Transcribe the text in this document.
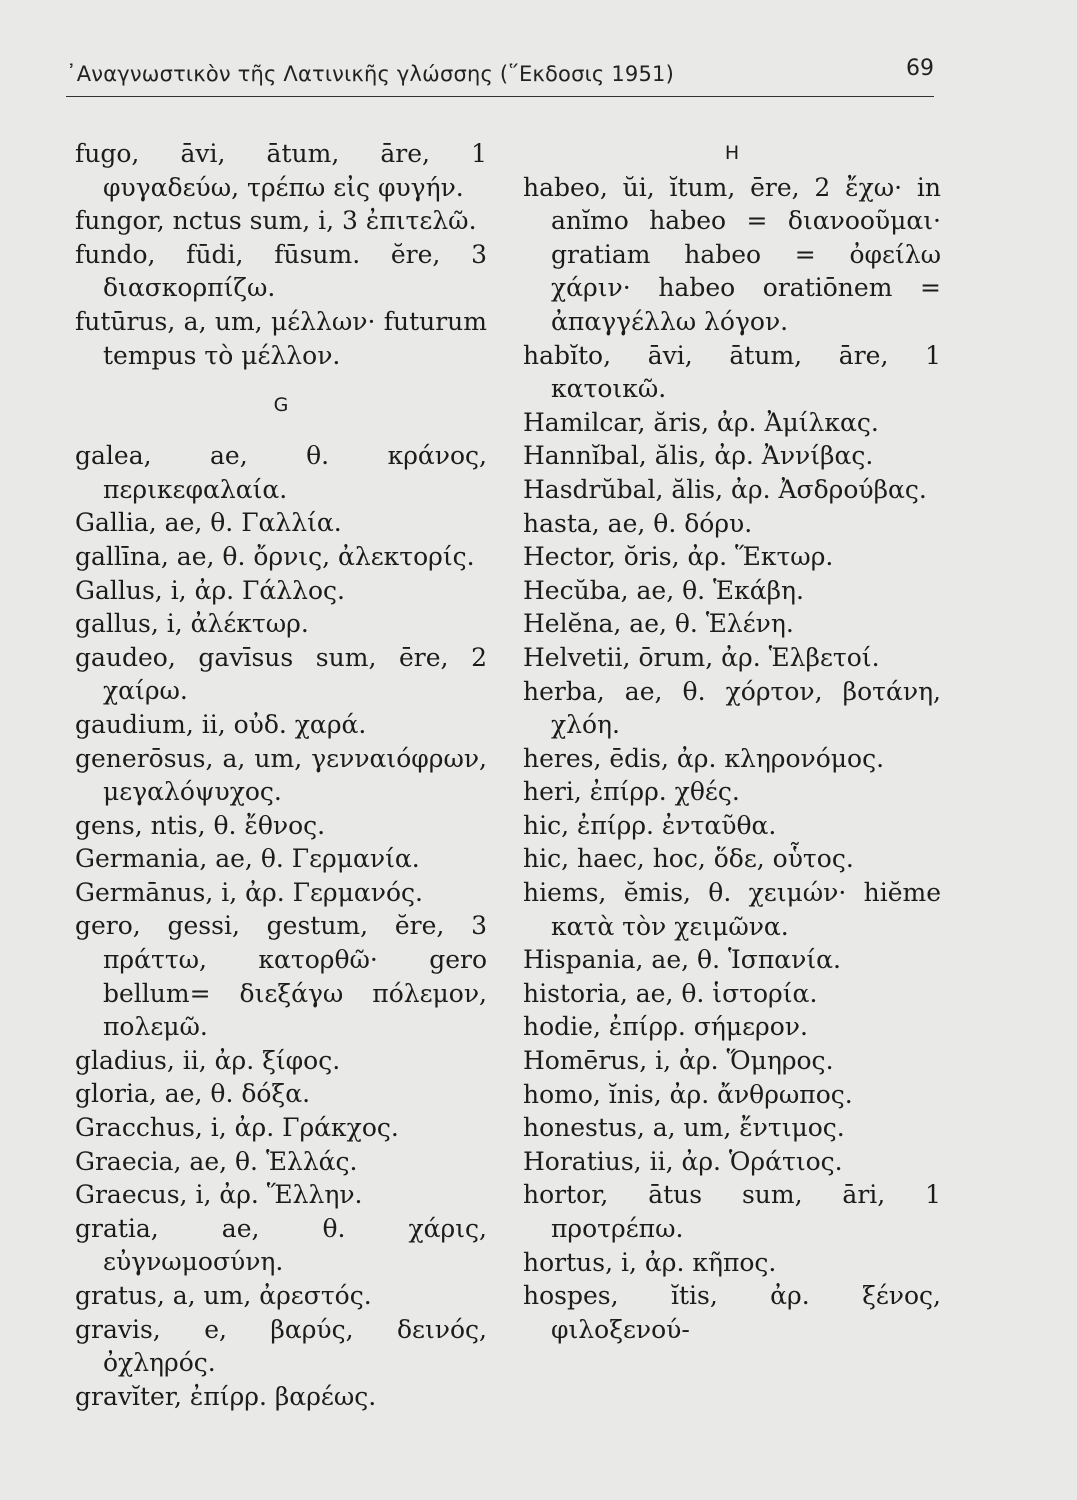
᾿Αναγνωστικὸν τῆς Λατινικῆς γλώσσης (῞Εκδοσις 1951)	69
fugo, āvi, ātum, āre, 1 φυγαδεύω, τρέπω εἰς φυγήν.
fungor, nctus sum, i, 3 ἐπιτελῶ.
fundo, fūdi, fūsum. ĕre, 3 διασκορπίζω.
futūrus, a, um, μέλλων· futurum tempus τὸ μέλλον.
G
galea, ae, θ. κράνος, περικεφαλαία.
Gallia, ae, θ. Γαλλία.
gallīna, ae, θ. ὄρνις, ἀλεκτορίς.
Gallus, i, ἀρ. Γάλλος.
gallus, i, ἀλέκτωρ.
gaudeo, gavīsus sum, ēre, 2 χαίρω.
gaudium, ii, οὐδ. χαρά.
generōsus, a, um, γενναιόφρων, μεγαλόψυχος.
gens, ntis, θ. ἔθνος.
Germania, ae, θ. Γερμανία.
Germānus, i, ἀρ. Γερμανός.
gero, gessi, gestum, ĕre, 3 πράττω, κατορθῶ· gero bellum= διεξάγω πόλεμον, πολεμῶ.
gladius, ii, ἀρ. ξίφος.
gloria, ae, θ. δόξα.
Gracchus, i, ἀρ. Γράκχος.
Graecia, ae, θ. Ἑλλάς.
Graecus, i, ἀρ. Ἕλλην.
gratia, ae, θ. χάρις, εὐγνωμοσύνη.
gratus, a, um, ἀρεστός.
gravis, e, βαρύς, δεινός, ὀχληρός.
gravĭter, ἐπίρρ. βαρέως.
H
habeo, ŭi, ĭtum, ēre, 2 ἔχω· in anĭmo habeo = διανοοῦμαι· gratiam habeo = ὀφείλω χάριν· habeo oratiōnem = ἀπαγγέλλω λόγον.
habĭto, āvi, ātum, āre, 1 κατοικῶ.
Hamilcar, ăris, ἀρ. Ἀμίλκας.
Hannĭbal, ălis, ἀρ. Ἀννίβας.
Hasdrŭbal, ălis, ἀρ. Ἀσδρούβας.
hasta, ae, θ. δόρυ.
Hector, ŏris, ἀρ. Ἕκτωρ.
Hecŭba, ae, θ. Ἑκάβη.
Helĕna, ae, θ. Ἑλένη.
Helvetii, ōrum, ἀρ. Ἑλβετοί.
herba, ae, θ. χόρτον, βοτάνη, χλόη.
heres, ēdis, ἀρ. κληρονόμος.
heri, ἐπίρρ. χθές.
hic, ἐπίρρ. ἐνταῦθα.
hic, haec, hoc, ὅδε, οὗτος.
hiems, ĕmis, θ. χειμών· hiĕme κατὰ τὸν χειμῶνα.
Hispania, ae, θ. Ἱσπανία.
historia, ae, θ. ἱστορία.
hodie, ἐπίρρ. σήμερον.
Homērus, i, ἀρ. Ὅμηρος.
homo, ĭnis, ἀρ. ἄνθρωπος.
honestus, a, um, ἔντιμος.
Horatius, ii, ἀρ. Ὁράτιος.
hortor, ātus sum, āri, 1 προτρέπω.
hortus, i, ἀρ. κῆπος.
hospes, ĭtis, ἀρ. ξένος, φιλοξενού-
